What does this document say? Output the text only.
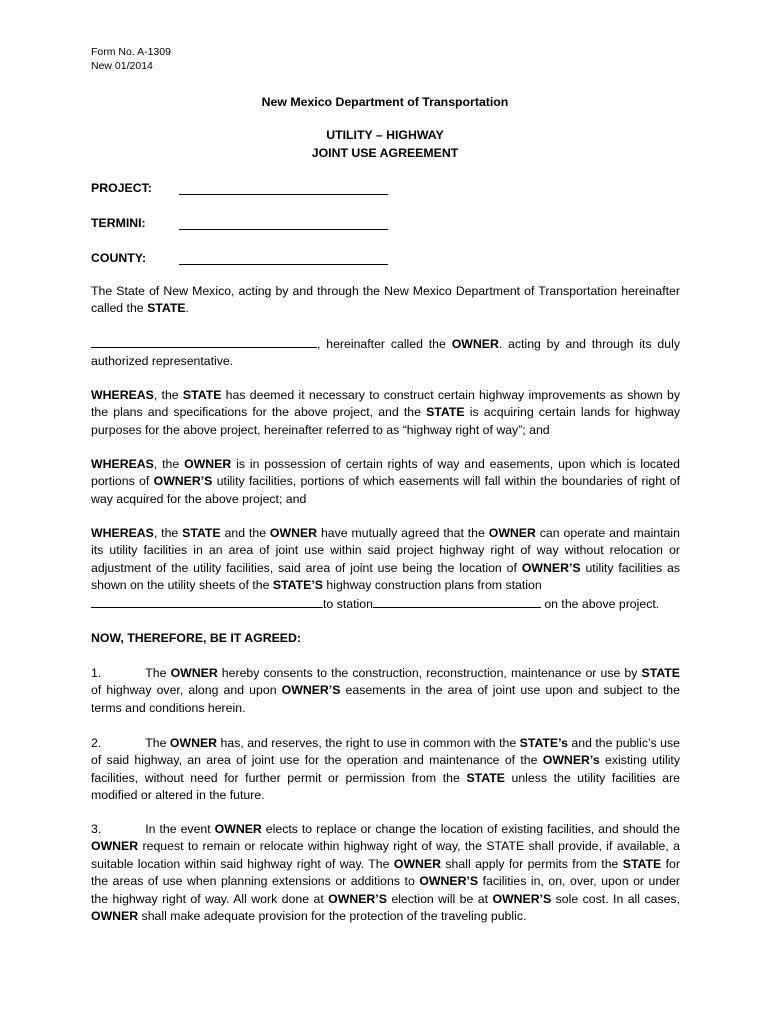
Form No. A-1309
New 01/2014
New Mexico Department of Transportation
UTILITY – HIGHWAY
JOINT USE AGREEMENT
PROJECT:
TERMINI:
COUNTY:
The State of New Mexico, acting by and through the New Mexico Department of Transportation hereinafter called the STATE.
, hereinafter called the OWNER. acting by and through its duly authorized representative.
WHEREAS, the STATE has deemed it necessary to construct certain highway improvements as shown by the plans and specifications for the above project, and the STATE is acquiring certain lands for highway purposes for the above project, hereinafter referred to as “highway right of way”; and
WHEREAS, the OWNER is in possession of certain rights of way and easements, upon which is located portions of OWNER’S utility facilities, portions of which easements will fall within the boundaries of right of way acquired for the above project; and
WHEREAS, the STATE and the OWNER have mutually agreed that the OWNER can operate and maintain its utility facilities in an area of joint use within said project highway right of way without relocation or adjustment of the utility facilities, said area of joint use being the location of OWNER’S utility facilities as shown on the utility sheets of the STATE’S highway construction plans from station
to station	on the above project.
NOW, THEREFORE, BE IT AGREED:
1.	The OWNER hereby consents to the construction, reconstruction, maintenance or use by STATE of highway over, along and upon OWNER’S easements in the area of joint use upon and subject to the terms and conditions herein.
2.	The OWNER has, and reserves, the right to use in common with the STATE’s and the public’s use of said highway, an area of joint use for the operation and maintenance of the OWNER’s existing utility facilities, without need for further permit or permission from the STATE unless the utility facilities are modified or altered in the future.
3.	In the event OWNER elects to replace or change the location of existing facilities, and should the OWNER request to remain or relocate within highway right of way, the STATE shall provide, if available, a suitable location within said highway right of way. The OWNER shall apply for permits from the STATE for the areas of use when planning extensions or additions to OWNER’S facilities in, on, over, upon or under the highway right of way. All work done at OWNER’S election will be at OWNER’S sole cost. In all cases, OWNER shall make adequate provision for the protection of the traveling public.
